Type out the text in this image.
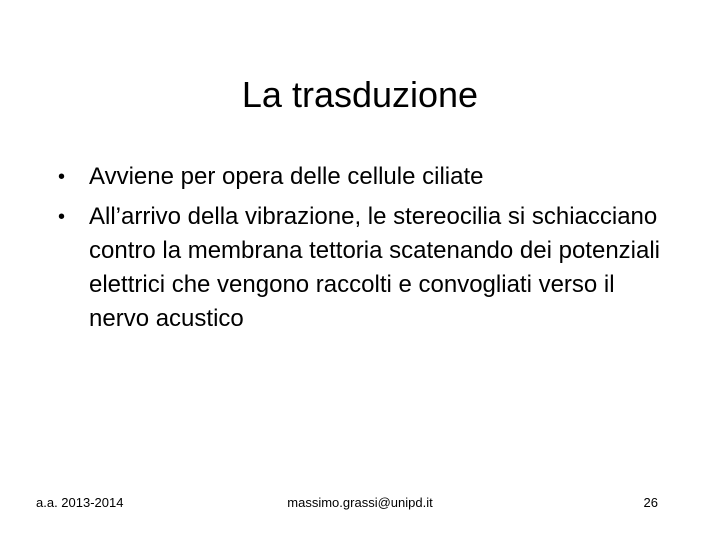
La trasduzione
• Avviene per opera delle cellule ciliate
• All’arrivo della vibrazione, le stereocilia si schiacciano contro la membrana tettoria scatenando dei potenziali elettrici che vengono raccolti e convogliati verso il nervo acustico
a.a. 2013-2014	massimo.grassi@unipd.it	26
